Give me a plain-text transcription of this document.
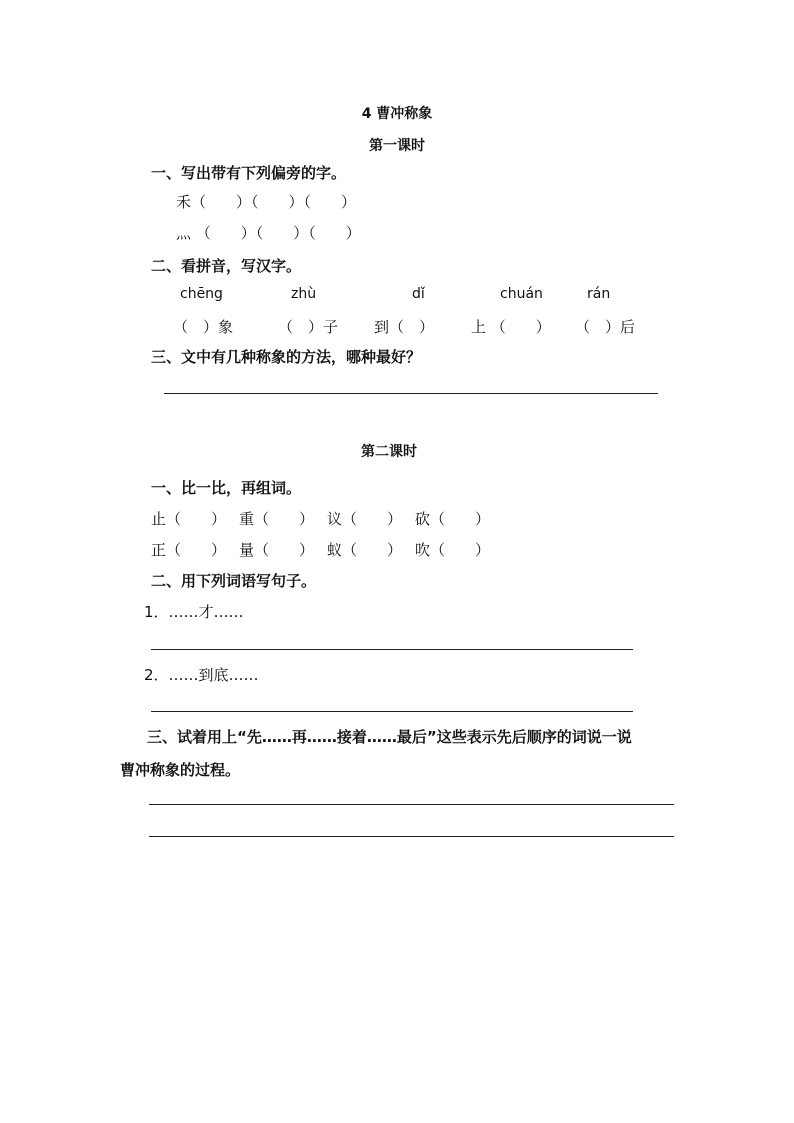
4 曹冲称象
第一课时
一、写出带有下列偏旁的字。
禾（　　）（　　）（　　）
灬 （　　）（　　）（　　）
二、看拼音，写汉字。
chēng	zhù	dǐ	chuán	rán
（　）象	（　）子 到（　） 上 （　　） （　）后
三、文中有几种称象的方法，哪种最好？
第二课时
一、比一比，再组词。
止（　　） 重（　　） 议（　　） 砍（　　）
正（　　） 量（　　） 蚁（　　） 吹（　　）
二、用下列词语写句子。
1．……才……
2．……到底……
三、试着用上“先……再……接着……最后”这些表示先后顺序的词说一说
曹冲称象的过程。
